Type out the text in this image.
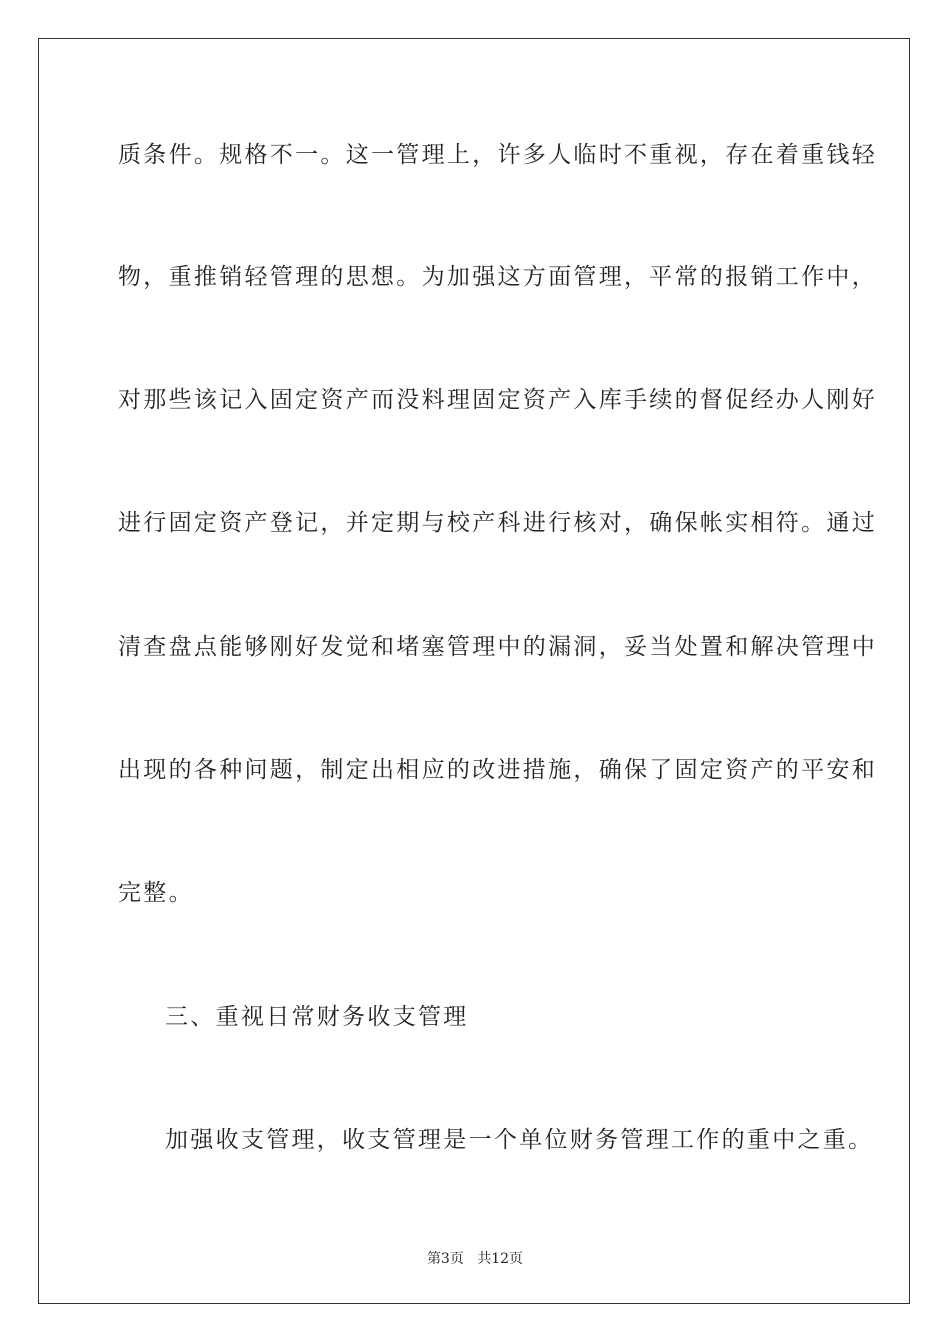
质条件。规格不一。这一管理上，许多人临时不重视，存在着重钱轻
物，重推销轻管理的思想。为加强这方面管理，平常的报销工作中，
对那些该记入固定资产而没料理固定资产入库手续的督促经办人刚好
进行固定资产登记，并定期与校产科进行核对，确保帐实相符。通过
清查盘点能够刚好发觉和堵塞管理中的漏洞，妥当处置和解决管理中
出现的各种问题，制定出相应的改进措施，确保了固定资产的平安和
完整。
三、重视日常财务收支管理
加强收支管理，收支管理是一个单位财务管理工作的重中之重。
第3页 共12页
